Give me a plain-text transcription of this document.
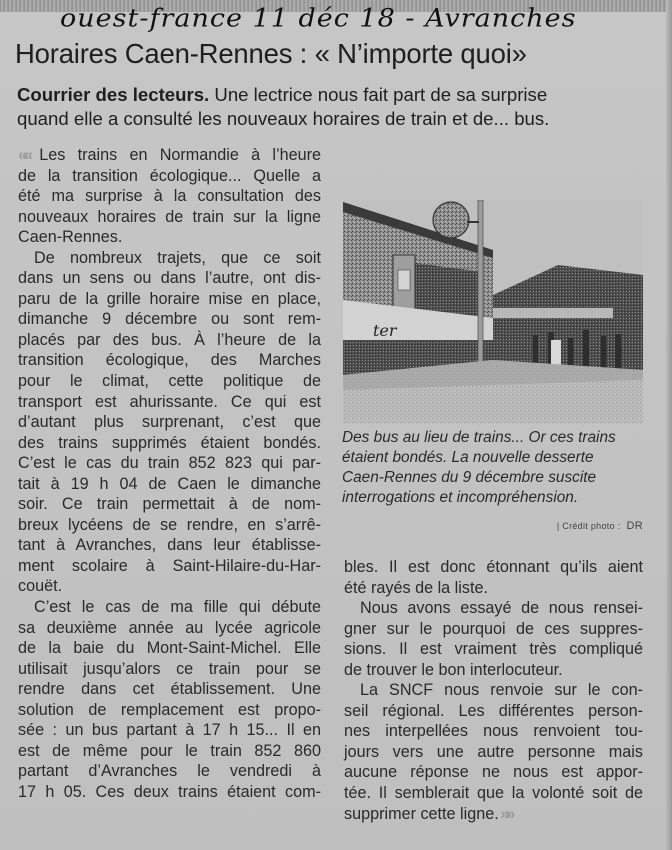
ouest-france 11 déc 18 - Avranches
Horaires Caen-Rennes : « N’importe quoi»

Courrier des lecteurs. Une lectrice nous fait part de sa surprise
quand elle a consulté les nouveaux horaires de train et de... bus.

«« Les trains en Normandie à l’heure
de la transition écologique... Quelle a
été ma surprise à la consultation des
nouveaux horaires de train sur la ligne
Caen-Rennes.
De nombreux trajets, que ce soit
dans un sens ou dans l’autre, ont dis-
paru de la grille horaire mise en place,
dimanche 9 décembre ou sont rem-
placés par des bus. À l’heure de la
transition écologique, des Marches
pour le climat, cette politique de
transport est ahurissante. Ce qui est
d’autant plus surprenant, c’est que
des trains supprimés étaient bondés.
C’est le cas du train 852 823 qui par-
tait à 19 h 04 de Caen le dimanche
soir. Ce train permettait à de nom-
breux lycéens de se rendre, en s’arrê-
tant à Avranches, dans leur établisse-
ment scolaire à Saint-Hilaire-du-Har-
couët.
C’est le cas de ma fille qui débute
sa deuxième année au lycée agricole
de la baie du Mont-Saint-Michel. Elle
utilisait jusqu’alors ce train pour se
rendre dans cet établissement. Une
solution de remplacement est propo-
sée : un bus partant à 17 h 15... Il en
est de même pour le train 852 860
partant d’Avranches le vendredi à
17 h 05. Ces deux trains étaient com-
ter
Des bus au lieu de trains... Or ces trains
étaient bondés. La nouvelle desserte
Caen-Rennes du 9 décembre suscite
interrogations et incompréhension.
| Crédit photo : DR
bles. Il est donc étonnant qu’ils aient
été rayés de la liste.
Nous avons essayé de nous rensei-
gner sur le pourquoi de ces suppres-
sions. Il est vraiment très compliqué
de trouver le bon interlocuteur.
La SNCF nous renvoie sur le con-
seil régional. Les différentes person-
nes interpellées nous renvoient tou-
jours vers une autre personne mais
aucune réponse ne nous est appor-
tée. Il semblerait que la volonté soit de
supprimer cette ligne. »»
